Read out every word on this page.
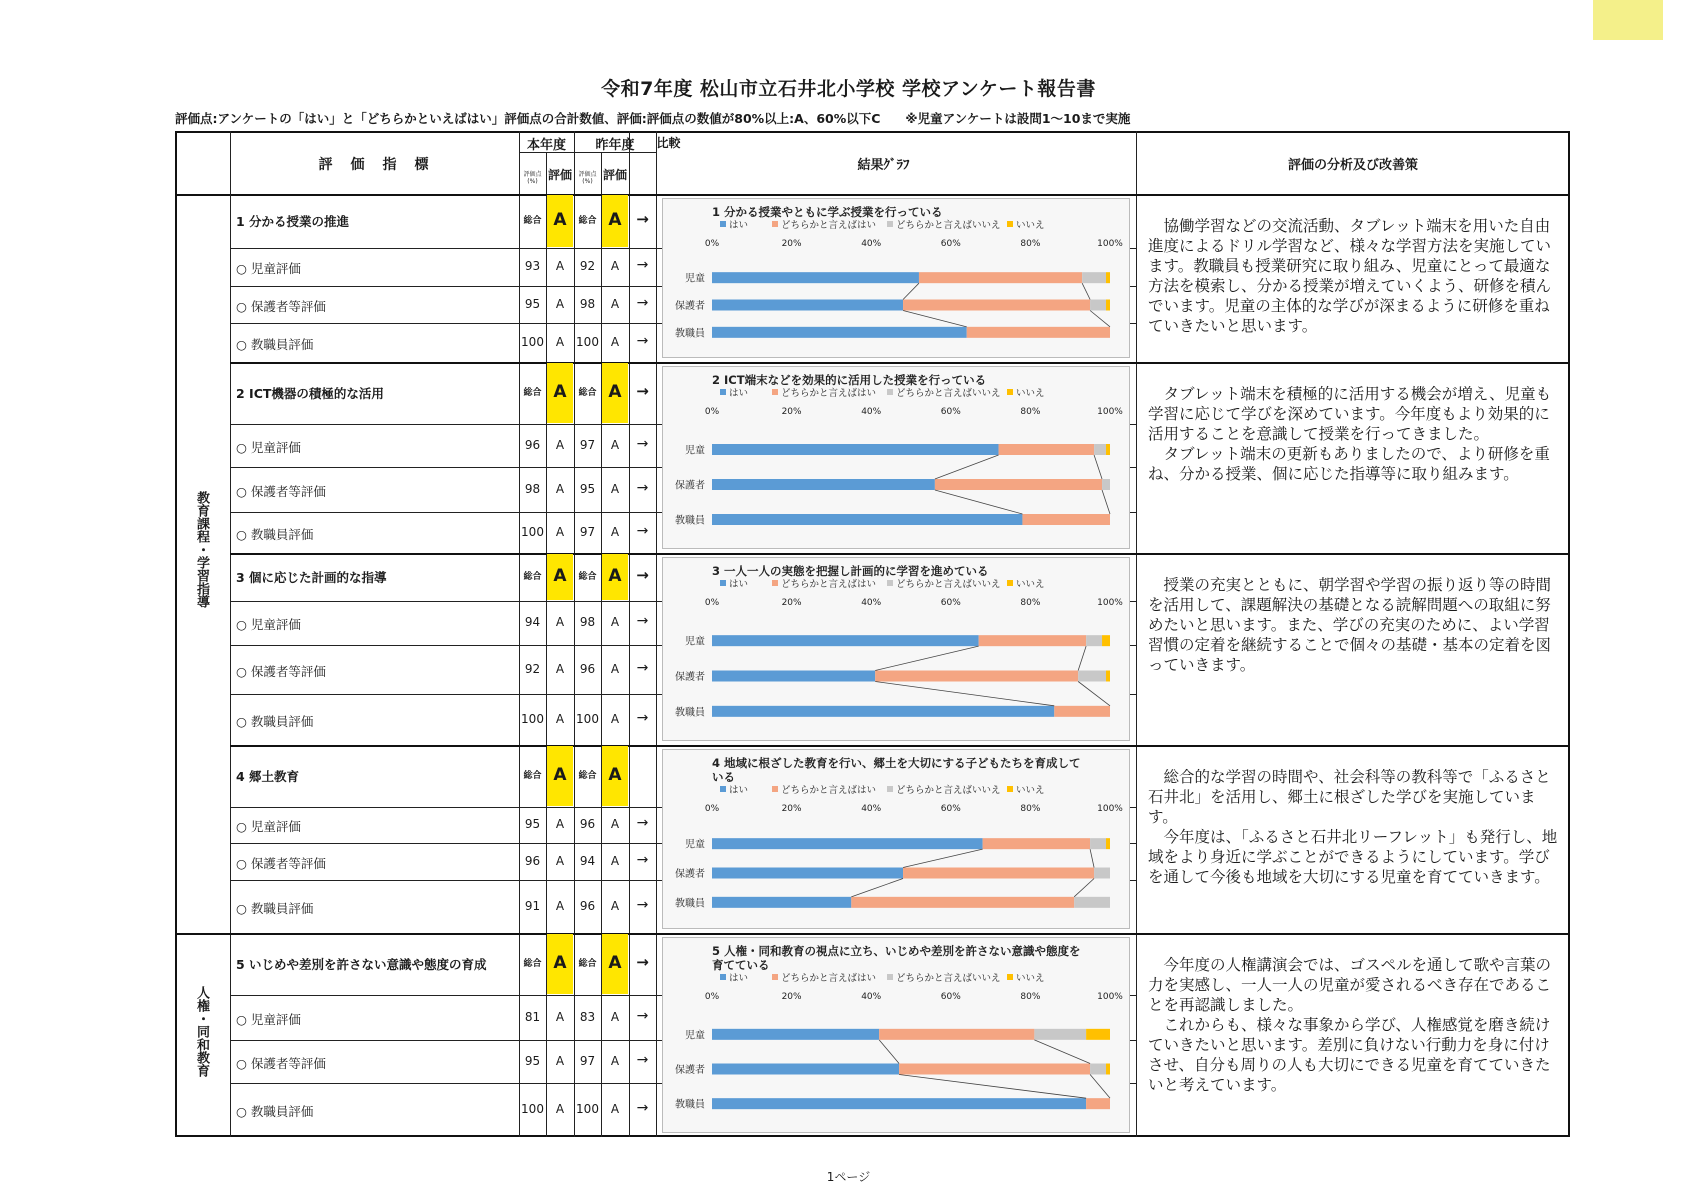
令和7年度 松山市立石井北小学校 学校アンケート報告書
評価点:アンケートの「はい」と「どちらかといえばはい」評価点の合計数値、評価:評価点の数値が80%以上:A、60%以下C　　※児童アンケートは設問1～10まで実施
評　価　指　標
本年度	昨年度	比較
評価点(%) 評価	評価点(%) 評価
結果ｸﾞﾗﾌ	評価の分析及び改善策
教育課程・学習指導
人権・同和教育
1 分かる授業の推進	総合 A	総合 A →
○ 児童評価	93	A	92	A	→
○ 保護者等評価	95	A	98	A	→
○ 教職員評価	100 A 100 A	→

協働学習などの交流活動、タブレット端末を用いた自由進度によるドリル学習など、様々な学習方法を実施しています。教職員も授業研究に取り組み、児童にとって最適な方法を模索し、分かる授業が増えていくよう、研修を積んでいます。児童の主体的な学びが深まるように研修を重ねていきたいと思います。

1 分かる授業やともに学ぶ授業を行っている
はい	どちらかと言えばはい どちらかと言えばいいえ いいえ
0%	20%	40%	60%	80%	100%
児童
保護者
教職員
2 ICT機器の積極的な活用	総合 A	総合 A →
○ 児童評価	96	A	97	A	→
○ 保護者等評価	98	A	95	A	→
○ 教職員評価	100 A	97	A	→

タブレット端末を積極的に活用する機会が増え、児童も学習に応じて学びを深めています。今年度もより効果的に活用することを意識して授業を行ってきました。

タブレット端末の更新もありましたので、より研修を重ね、分かる授業、個に応じた指導等に取り組みます。

2 ICT端末などを効果的に活用した授業を行っている
はい	どちらかと言えばはい どちらかと言えばいいえ いいえ
0%	20%	40%	60%	80%	100%
児童
保護者
教職員
3 個に応じた計画的な指導	総合 A	総合 A →
○ 児童評価	94	A	98	A	→
○ 保護者等評価	92	A	96	A	→
○ 教職員評価	100 A 100 A	→

授業の充実とともに、朝学習や学習の振り返り等の時間を活用して、課題解決の基礎となる読解問題への取組に努めたいと思います。また、学びの充実のために、よい学習習慣の定着を継続することで個々の基礎・基本の定着を図っていきます。

3 一人一人の実態を把握し計画的に学習を進めている
はい	どちらかと言えばはい どちらかと言えばいいえ いいえ
0%	20%	40%	60%	80%	100%
児童
保護者
教職員
4 郷土教育	総合 A	総合 A
○ 児童評価	95	A	96	A	→
○ 保護者等評価	96	A	94	A	→
○ 教職員評価	91	A	96	A	→

総合的な学習の時間や、社会科等の教科等で「ふるさと石井北」を活用し、郷土に根ざした学びを実施しています。

今年度は、「ふるさと石井北リーフレット」も発行し、地域をより身近に学ぶことができるようにしています。学びを通して今後も地域を大切にする児童を育てていきます。

4 地域に根ざした教育を行い、郷土を大切にする子どもたちを育成して
いる
はい	どちらかと言えばはい どちらかと言えばいいえ いいえ
0%	20%	40%	60%	80%	100%
児童
保護者
教職員
5 いじめや差別を許さない意識や態度の育成	総合 A	総合 A →
○ 児童評価	81	A	83	A	→
○ 保護者等評価	95	A	97	A	→
○ 教職員評価	100 A 100 A	→

今年度の人権講演会では、ゴスペルを通して歌や言葉の力を実感し、一人一人の児童が愛されるべき存在であることを再認識しました。

これからも、様々な事象から学び、人権感覚を磨き続けていきたいと思います。差別に負けない行動力を身に付けさせ、自分も周りの人も大切にできる児童を育てていきたいと考えています。

5 人権・同和教育の視点に立ち、いじめや差別を許さない意識や態度を
育てている
はい	どちらかと言えばはい どちらかと言えばいいえ いいえ
0%	20%	40%	60%	80%	100%
児童
保護者
教職員
1ページ
